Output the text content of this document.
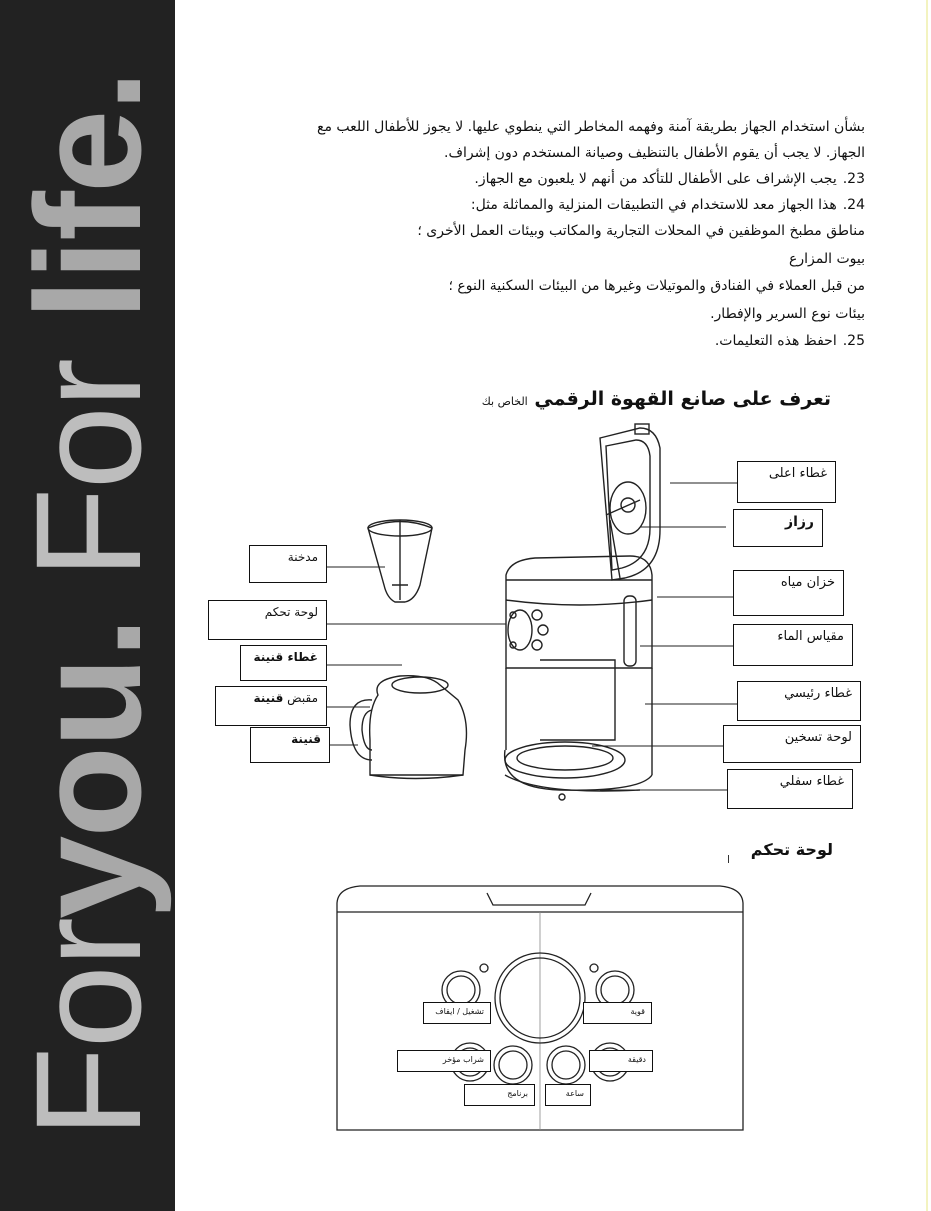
Foryou. For life.	بشأن استخدام الجهاز بطريقة آمنة وفهمه المخاطر التي ينطوي عليها. لا يجوز للأطفال اللعب مع
الجهاز. لا يجب أن يقوم الأطفال بالتنظيف وصيانة المستخدم دون إشراف.
23.يجب الإشراف على الأطفال للتأكد من أنهم لا يلعبون مع الجهاز.
24.هذا الجهاز معد للاستخدام في التطبيقات المنزلية والمماثلة مثل:
مناطق مطبخ الموظفين في المحلات التجارية والمكاتب وبيئات العمل الأخرى ؛
بيوت المزارع
من قبل العملاء في الفنادق والموتيلات وغيرها من البيئات السكنية النوع ؛
بيئات نوع السرير والإفطار.
25.احفظ هذه التعليمات.
تعرف على صانع القهوة الرقمي الخاص بك
غطاء اعلى
رزاز
خزان مياه
مقياس الماء
غطاء رئيسي
لوحة تسخين
غطاء سفلي
مدخنة
لوحة تحكم
غطاء قنينة
مقبض قنينة
قنينة
لوحة تحكم
تشغيل / ايقاف	قوية
شراب مؤخر	دقيقة
برنامج	ساعة
